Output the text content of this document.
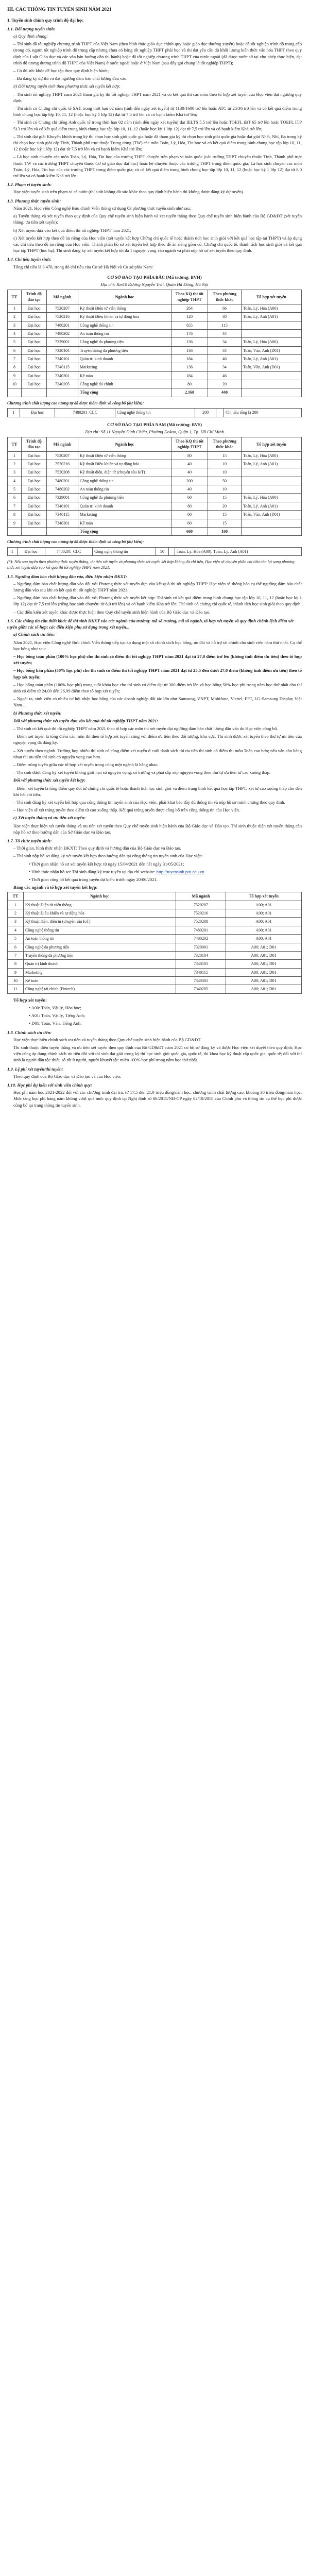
III. CÁC THÔNG TIN TUYỂN SINH NĂM 2021
1. Tuyển sinh chính quy trình độ đại học
1.1. Đối tượng tuyển sinh:
a) Quy định chung:
– Thí sinh đã tốt nghiệp chương trình THPT của Việt Nam (theo hình thức giáo dục chính quy hoặc giáo dục thường xuyên) hoặc đã tốt nghiệp trình độ trung cấp (trong đó, người tốt nghiệp trình độ trung cấp nhưng chưa có bằng tốt nghiệp THPT phải học và thi đạt yêu cầu đủ khối lượng kiến thức văn hóa THPT theo quy định của Luật Giáo dục và các văn bản hướng dẫn thi hành) hoặc đã tốt nghiệp chương trình THPT của nước ngoài (đã được nước sở tại cho phép thực hiện, đạt trình độ tương đương trình độ THPT của Việt Nam) ở nước ngoài hoặc ở Việt Nam (sau đây gọi chung là tốt nghiệp THPT);
– Có đủ sức khỏe để học tập theo quy định hiện hành;
– Đã đăng ký dự thi và đạt ngưỡng đảm bảo chất lượng đầu vào.
b) Đối tượng tuyển sinh theo phương thức xét tuyển kết hợp:
– Thí sinh tốt nghiệp THPT năm 2021 tham gia kỳ thi tốt nghiệp THPT năm 2021 và có kết quả thi các môn theo tổ hợp xét tuyển của Học viện đạt ngưỡng quy định;
– Thí sinh có Chứng chỉ quốc tế SAT, trong thời hạn 02 năm (tính đến ngày xét tuyển) từ 1130/1600 trở lên hoặc ATC từ 25/36 trở lên và có kết quả điểm trung bình chung học tập lớp 10, 11, 12 (hoặc học kỳ 1 lớp 12) đạt từ 7,5 trở lên và có hạnh kiểm Khá trở lên;
– Thí sinh có Chứng chỉ tiếng Anh quốc tế trong thời hạn 02 năm (tính đến ngày xét tuyển) đạt IELTS 5.5 trở lên hoặc TOEFL iBT 65 trở lên hoặc TOEFL ITP 513 trở lên và có kết quả điểm trung bình chung học tập lớp 10, 11, 12 (hoặc học kỳ 1 lớp 12) đạt từ 7,5 trở lên và có hạnh kiểm Khá trở lên;
– Thí sinh đạt giải Khuyến khích trong kỳ thi chọn học sinh giỏi quốc gia hoặc đã tham gia kỳ thi chọn học sinh giỏi quốc gia hoặc đạt giải Nhất, Nhì, Ba trong kỳ thi chọn học sinh giỏi cấp Tỉnh, Thành phố trực thuộc Trung ương (TW) các môn Toán, Lý, Hóa, Tin học và có kết quả điểm trung bình chung học tập lớp 10, 11, 12 (hoặc học kỳ 1 lớp 12) đạt từ 7,5 trở lên và có hạnh kiểm Khá trở lên;
– Là học sinh chuyên các môn Toán, Lý, Hóa, Tin học của trường THPT chuyên trên phạm vi toàn quốc (các trường THPT chuyên thuộc Tỉnh, Thành phố trực thuộc TW và các trường THPT chuyên thuộc Cơ sở giáo dục đại học) hoặc hệ chuyên thuộc các trường THPT trọng điểm quốc gia; Là học sinh chuyên các môn Toán, Lý, Hóa, Tin học của các trường THPT trong điểm quốc gia; và có kết quả điểm trung bình chung học tập lớp 10, 11, 12 (hoặc học kỳ 1 lớp 12) đạt từ 8,0 trở lên và có hạnh kiểm Khá trở lên.
1.2. Phạm vi tuyển sinh:
Học viện tuyển sinh trên phạm vi cả nước (thí sinh không đủ sức khỏe theo quy định hiện hành thì không được đăng ký dự tuyển).
1.3. Phương thức tuyển sinh:
Năm 2021, Học viện Công nghệ Bưu chính Viễn thông sử dụng 03 phương thức tuyển sinh như sau:
a) Tuyển thẳng và xét tuyển theo quy định của Quy chế tuyển sinh hiện hành và xét tuyển thẳng theo Quy chế tuyển sinh hiện hành của Bộ GD&ĐT (xét tuyển thẳng, ưu tiên xét tuyển);
b) Xét tuyển dựa vào kết quả điểm thi tốt nghiệp THPT năm 2021;
c) Xét tuyển kết hợp theo đề án riêng của Học viện (xét tuyển kết hợp Chứng chỉ quốc tế hoặc thành tích học sinh giỏi với kết quả học tập tại THPT) và áp dụng các chỉ tiêu theo đề án riêng của Học viện. Thành phần hồ sơ xét tuyển kết hợp theo đề án riêng gồm có: Chứng chỉ quốc tế, thành tích học sinh giỏi và kết quả học tập THPT (học bạ). Thí sinh đăng ký xét tuyển kết hợp tối đa 1 nguyện vọng vào ngành và phải nộp hồ sơ xét tuyển theo quy định.
1.4. Chỉ tiêu tuyển sinh:
Tổng chỉ tiêu là 3.470, trong đó chỉ tiêu của Cơ sở Hà Nội và Cơ sở phía Nam:
CƠ SỞ ĐÀO TẠO PHÍA BẮC (Mã trường: BVH)
Địa chỉ: Km10 Đường Nguyễn Trãi, Quận Hà Đông, Hà Nội
TT	Trình độ đào tạo	Mã ngành	Ngành học	Theo KQ thi tốt nghiệp THPT	Theo phương thức khác	Tổ hợp xét tuyển
1	Đại học	7520207	Kỹ thuật Điện tử viễn thông	264	66	Toán, Lý, Hóa (A00)
2	Đại học	7520216	Kỹ thuật Điều khiển và tự động hóa	120	30	Toán, Lý, Anh (A01)
3	Đại học	7480201	Công nghệ thông tin	655	115	
4	Đại học	7480202	An toàn thông tin	176	44	
5	Đại học	7329001	Công nghệ đa phương tiện	136	34	Toán, Lý, Hóa (A00)
6	Đại học	7320104	Truyền thông đa phương tiện	136	34	Toán, Văn, Anh (D01)
7	Đại học	7340101	Quản trị kinh doanh	184	46	Toán, Lý, Anh (A01)
8	Đại học	7340115	Marketing	136	34	Toán, Văn, Anh (D01)
9	Đại học	7340301	Kế toán	184	46	
10	Đại học	7340205	Công nghệ tài chính	80	20	
			Tổng cộng	2.160	440	
Chương trình chất lượng cao tương tự đã được thẩm định và công bố (dự kiến):
1	Đại học	7480201_CLC	Công nghệ thông tin	200		Chỉ tiêu tổng là 200
CƠ SỞ ĐÀO TẠO PHÍA NAM (Mã trường: BVS)
Địa chỉ: Số 11 Nguyễn Đình Chiểu, Phường Đakao, Quận 1, Tp. Hồ Chí Minh
TT	Trình độ đào tạo	Mã ngành	Ngành học	Theo KQ thi tốt nghiệp THPT	Theo phương thức khác	Tổ hợp xét tuyển
1	Đại học	7520207	Kỹ thuật Điện tử viễn thông	80	15	Toán, Lý, Hóa (A00)
2	Đại học	7520216	Kỹ thuật Điều khiển và tự động hóa	40	10	Toán, Lý, Anh (A01)
3	Đại học	7520208	Kỹ thuật điện, điện tử (chuyên sâu IoT)	40	10	
4	Đại học	7480201	Công nghệ thông tin	200	50	
5	Đại học	7480202	An toàn thông tin	40	10	
6	Đại học	7329001	Công nghệ đa phương tiện	60	15	Toán, Lý, Hóa (A00)
7	Đại học	7340101	Quản trị kinh doanh	80	20	Toán, Lý, Anh (A01)
8	Đại học	7340115	Marketing	60	15	Toán, Văn, Anh (D01)
9	Đại học	7340301	Kế toán	60	15	
			Tổng cộng	660	160	
Chương trình chất lượng cao tương tự đã được thẩm định và công bố (dự kiến):
1	Đại học	7480201_CLC	Công nghệ thông tin	50		Toán, Lý, Hóa (A00); Toán, Lý, Anh (A01)
(*): Nếu sau tuyển theo phương thức tuyển thẳng, ưu tiên xét tuyển và phương thức xét tuyển kết hợp không đủ chỉ tiêu, Học viện sẽ chuyển phần chỉ tiêu còn lại sang phương thức xét tuyển dựa vào kết quả thi tốt nghiệp THPT năm 2021.
1.5. Ngưỡng đảm bảo chất lượng đầu vào, điều kiện nhận ĐKXT:
– Ngưỡng đảm bảo chất lượng đầu vào đối với Phương thức xét tuyển dựa vào kết quả thi tốt nghiệp THPT: Học viện sẽ thông báo cụ thể ngưỡng đảm bảo chất lượng đầu vào sau khi có kết quả thi tốt nghiệp THPT năm 2021.
– Ngưỡng đảm bảo chất lượng đầu vào đối với Phương thức xét tuyển kết hợp: Thí sinh có kết quả điểm trung bình chung học tập lớp 10, 11, 12 (hoặc học kỳ 1 lớp 12) đạt từ 7,5 trở lên (riêng học sinh chuyên: từ 8,0 trở lên) và có hạnh kiểm Khá trở lên; Thí sinh có chứng chỉ quốc tế, thành tích học sinh giỏi theo quy định.
– Các điều kiện xét tuyển khác được thực hiện theo Quy chế tuyển sinh hiện hành của Bộ Giáo dục và Đào tạo.
1.6. Các thông tin cần thiết khác để thí sinh ĐKXT vào các ngành của trường: mã số trường, mã số ngành, tổ hợp xét tuyển và quy định chênh lệch điểm xét tuyển giữa các tổ hợp; các điều kiện phụ sử dụng trong xét tuyển...
a) Chính sách ưu tiên:
Năm 2021, Học viện Công nghệ Bưu chính Viễn thông tiếp tục áp dụng một số chính sách học bổng, ưu đãi và hỗ trợ tài chính cho sinh viên năm thứ nhất. Cụ thể học bổng như sau:
– Học bổng toàn phần (100% học phí) cho thí sinh có điểm thi tốt nghiệp THPT năm 2021 đạt từ 27,0 điểm trở lên (không tính điểm ưu tiên) theo tổ hợp xét tuyển;
– Học bổng bán phần (50% học phí) cho thí sinh có điểm thi tốt nghiệp THPT năm 2021 đạt từ 25,5 đến dưới 27,0 điểm (không tính điểm ưu tiên) theo tổ hợp xét tuyển;
– Học bổng toàn phần (100% học phí) trong suốt khóa học cho thí sinh có điểm đạt từ 300 điểm trở lên và học bổng 50% học phí trong năm học thứ nhất cho thí sinh có điểm từ 24,00 đến 26,99 điểm theo tổ hợp xét tuyển;
– Ngoài ra, sinh viên có nhiều cơ hội nhận học bổng của các doanh nghiệp đối tác lớn như Samsung, VNPT, Mobifone, Viettel, FPT, LG-Samsung Display Việt Nam...
b) Phương thức xét tuyển:
Đối với phương thức xét tuyển dựa vào kết quả thi tốt nghiệp THPT năm 2021:
– Thí sinh có kết quả thi tốt nghiệp THPT năm 2021 theo tổ hợp các môn thi xét tuyển đạt ngưỡng đảm bảo chất lượng đầu vào do Học viện công bố.
– Điểm xét tuyển là tổng điểm các môn thi theo tổ hợp xét tuyển cộng với điểm ưu tiên theo đối tượng, khu vực. Thí sinh được xét tuyển theo thứ tự ưu tiên của nguyện vọng đã đăng ký.
– Xét tuyển theo ngành. Trường hợp nhiều thí sinh có cùng điểm xét tuyển ở cuối danh sách thì ưu tiên thí sinh có điểm thi môn Toán cao hơn; nếu vẫn còn bằng nhau thì ưu tiên thí sinh có nguyện vọng cao hơn.
– Điểm trúng tuyển giữa các tổ hợp xét tuyển trong cùng một ngành là bằng nhau.
– Thí sinh được đăng ký xét tuyển không giới hạn số nguyện vọng, số trường và phải sắp xếp nguyện vọng theo thứ tự ưu tiên từ cao xuống thấp.
Đối với phương thức xét tuyển kết hợp:
– Điểm xét tuyển là tổng điểm quy đổi từ chứng chỉ quốc tế hoặc thành tích học sinh giỏi và điểm trung bình kết quả học tập THPT; xét từ cao xuống thấp cho đến khi hết chỉ tiêu.
– Thí sinh đăng ký xét tuyển kết hợp qua cổng thông tin tuyển sinh của Học viện; phải khai báo đầy đủ thông tin và nộp hồ sơ minh chứng theo quy định.
– Học viện sẽ xét trúng tuyển theo điểm từ cao xuống thấp. Kết quả trúng tuyển được công bố trên cổng thông tin của Học viện.
c) Xét tuyển thẳng và ưu tiên xét tuyển:
Học viện thực hiện xét tuyển thẳng và ưu tiên xét tuyển theo Quy chế tuyển sinh hiện hành của Bộ Giáo dục và Đào tạo. Thí sinh thuộc diện xét tuyển thẳng cần nộp hồ sơ theo hướng dẫn của Sở Giáo dục và Đào tạo.
1.7. Tổ chức tuyển sinh:
– Thời gian, hình thức nhận ĐKXT: Theo quy định và hướng dẫn của Bộ Giáo dục và Đào tạo.
– Thí sinh nộp hồ sơ đăng ký xét tuyển kết hợp theo hướng dẫn tại cổng thông tin tuyển sinh của Học viện:
• Thời gian nhận hồ sơ xét tuyển kết hợp: từ ngày 15/04/2021 đến hết ngày 31/05/2021;
• Hình thức nhận hồ sơ: Thí sinh đăng ký trực tuyến tại địa chỉ website: http://tuyensinh.ptit.edu.vn
• Thời gian công bố kết quả trúng tuyển dự kiến: trước ngày 20/06/2021.
Bảng các ngành và tổ hợp xét tuyển kết hợp:
TT	Ngành học	Mã ngành	Tổ hợp xét tuyển
1	Kỹ thuật Điện tử viễn thông	7520207	A00; A01
2	Kỹ thuật Điều khiển và tự động hóa	7520216	A00; A01
3	Kỹ thuật điện, điện tử (chuyên sâu IoT)	7520208	A00; A01
4	Công nghệ thông tin	7480201	A00; A01
5	An toàn thông tin	7480202	A00; A01
6	Công nghệ đa phương tiện	7329001	A00; A01; D01
7	Truyền thông đa phương tiện	7320104	A00; A01; D01
8	Quản trị kinh doanh	7340101	A00; A01; D01
9	Marketing	7340115	A00; A01; D01
10	Kế toán	7340301	A00; A01; D01
11	Công nghệ tài chính (Fintech)	7340205	A00; A01; D01
Tổ hợp xét tuyển:
• A00: Toán, Vật lý, Hóa học;
• A01: Toán, Vật lý, Tiếng Anh;
• D01: Toán, Văn, Tiếng Anh.
1.8. Chính sách ưu tiên:
Học viện thực hiện chính sách ưu tiên và tuyển thẳng theo Quy chế tuyển sinh hiện hành của Bộ GD&ĐT.
Thí sinh thuộc diện tuyển thẳng và ưu tiên xét tuyển theo quy định của Bộ GD&ĐT năm 2021 có hồ sơ đăng ký và được Học viện xét duyệt theo quy định; Học viện cũng áp dụng chính sách ưu tiên đối với thí sinh đạt giải trong kỳ thi học sinh giỏi quốc gia, quốc tế, thi khoa học kỹ thuật cấp quốc gia, quốc tế; đối với thí sinh là người dân tộc thiểu số rất ít người, người khuyết tật: miễn 100% học phí trong năm học thứ nhất.
1.9. Lệ phí xét tuyển/thi tuyển:
Theo quy định của Bộ Giáo dục và Đào tạo và của Học viện.
1.10. Học phí dự kiến với sinh viên chính quy:
Học phí năm học 2021-2022 đối với các chương trình đại trà: từ 17,5 đến 21,0 triệu đồng/năm học; chương trình chất lượng cao: khoảng 38 triệu đồng/năm học. Mức tăng học phí hàng năm không vượt quá mức quy định tại Nghị định số 86/2015/NĐ-CP ngày 02/10/2015 của Chính phủ và thông tin cụ thể học phí được công bố tại trang thông tin tuyển sinh.
